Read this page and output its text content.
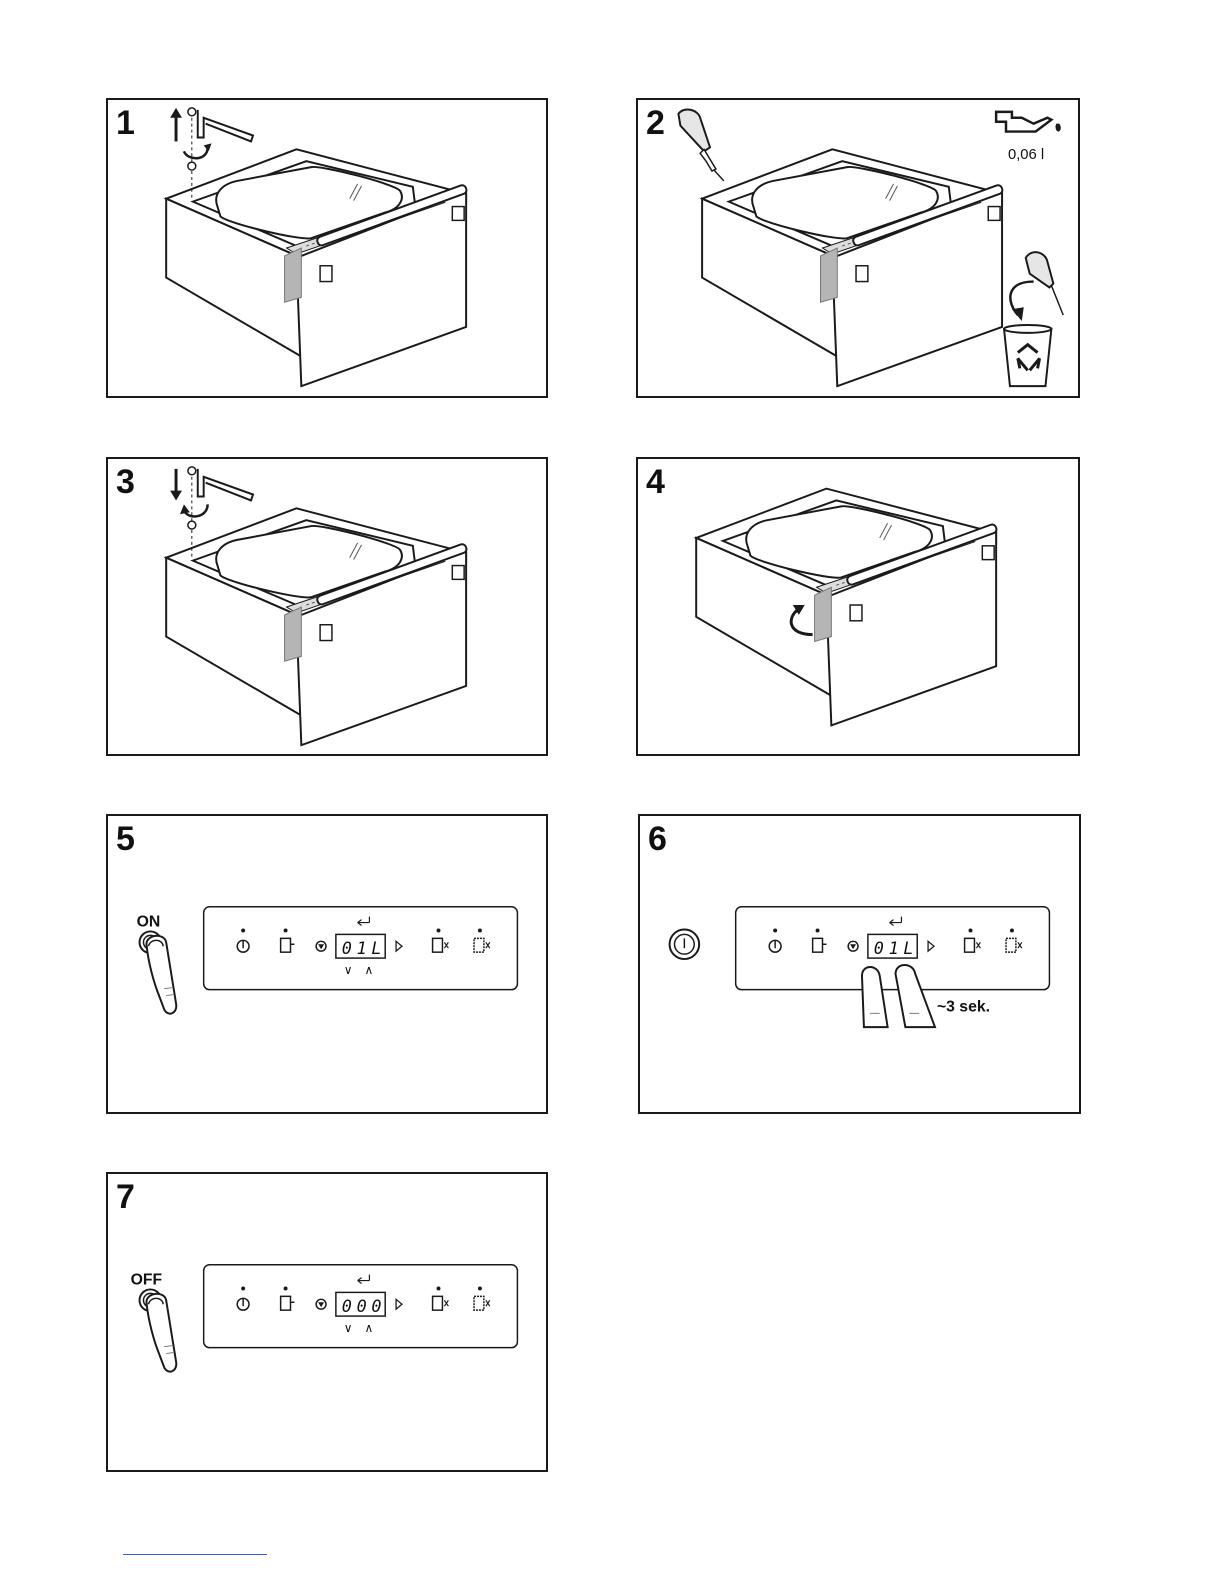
1	2
0,06 l
3	4
5
ON
0 1 L
∨ ∧
6
0 1 L
~3 sek.
7
OFF
0 0 0
∨ ∧
